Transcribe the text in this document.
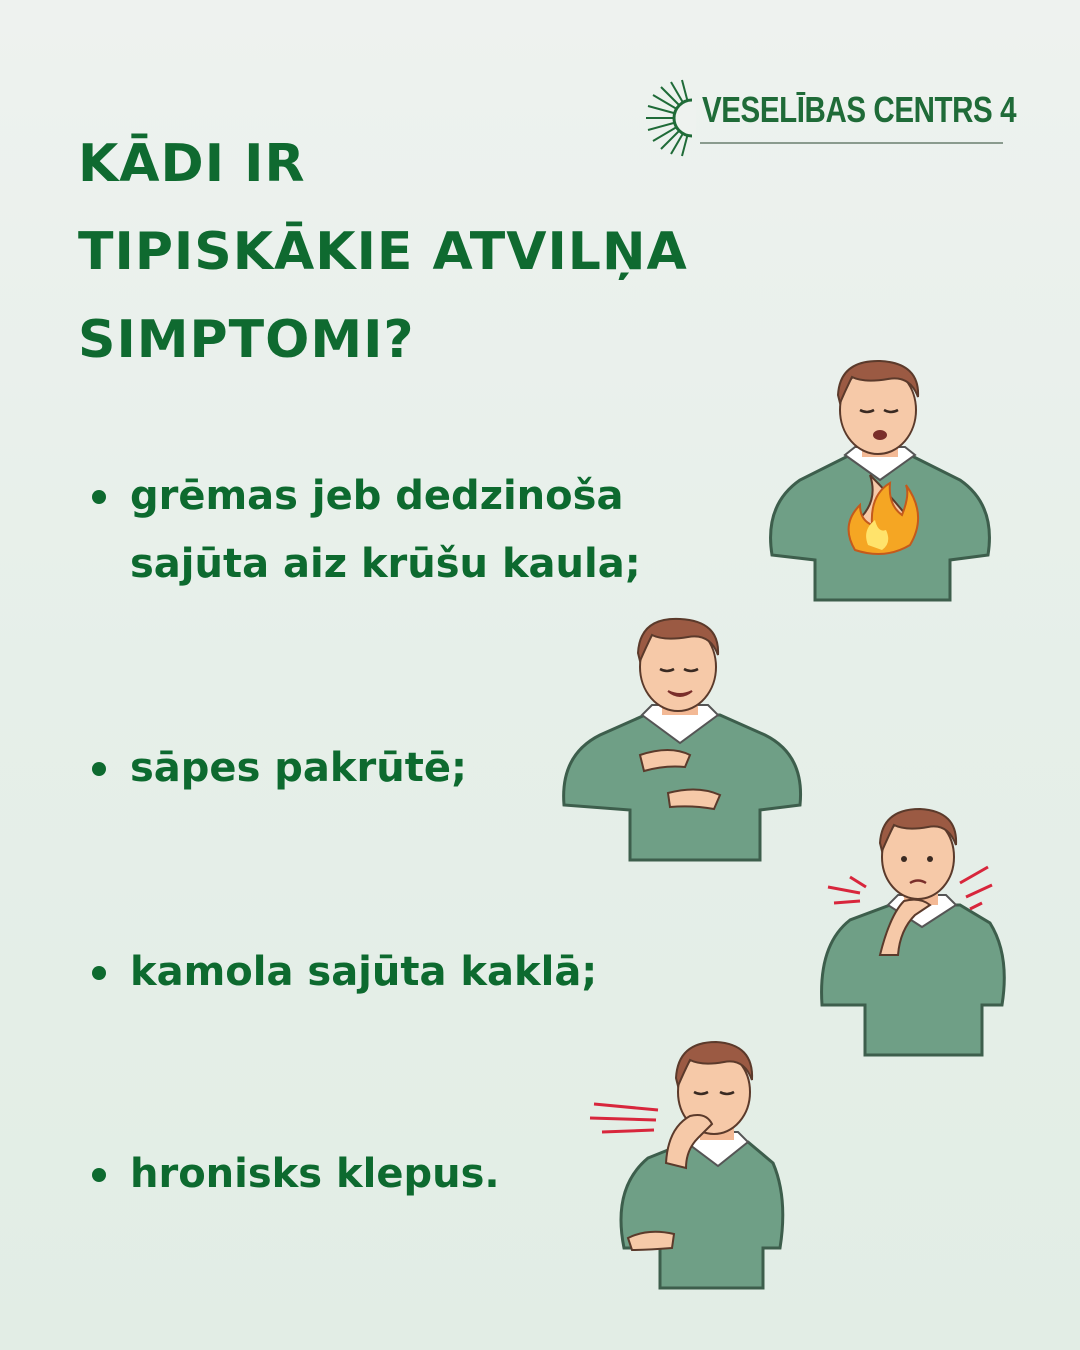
VESELĪBAS CENTRS 4
KĀDI IR
TIPISKĀKIE ATVILŅA
SIMPTOMI?
grēmas jeb dedzinoša
sajūta aiz krūšu kaula;
sāpes pakrūtē;
kamola sajūta kaklā;
hronisks klepus.
